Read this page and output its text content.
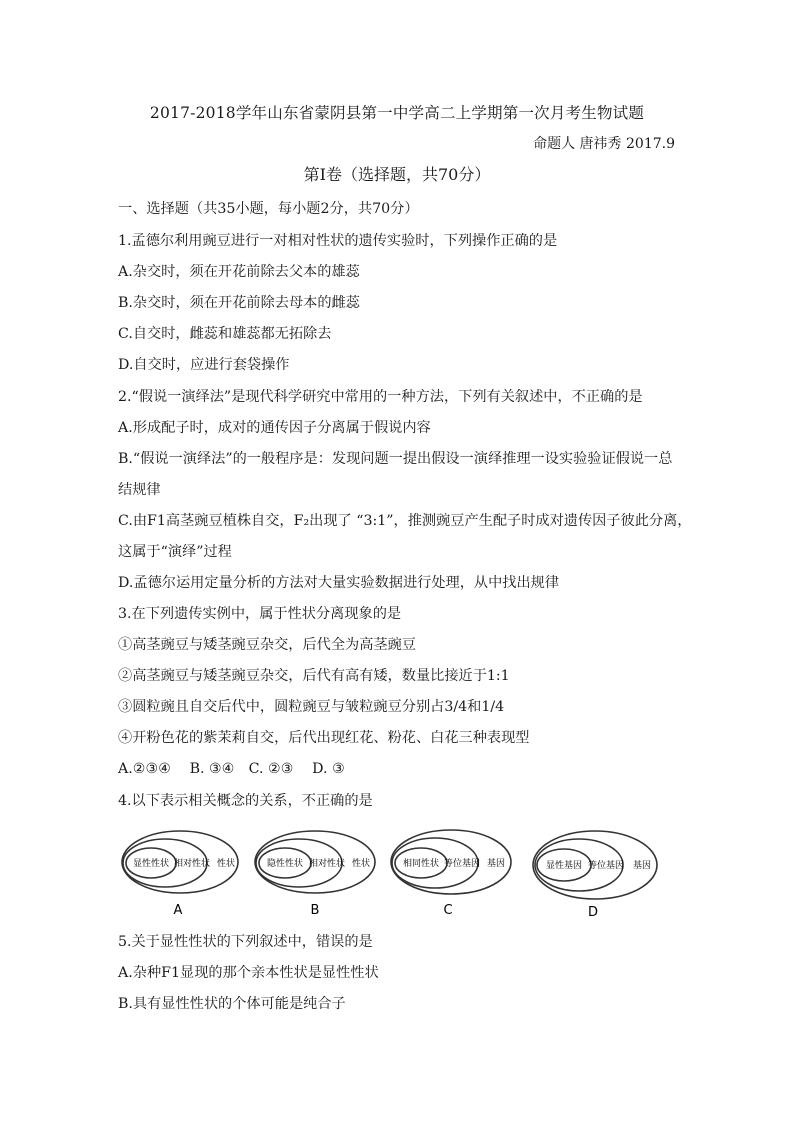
2017-2018学年山东省蒙阴县第一中学高二上学期第一次月考生物试题
命题人 唐祎秀 2017.9
第Ⅰ卷（选择题，共70分）
一、选择题（共35小题，每小题2分，共70分）
1.孟德尔利用豌豆进行一对相对性状的遗传实验时，下列操作正确的是
A.杂交时，须在开花前除去父本的雄蕊
B.杂交时，须在开花前除去母本的雌蕊
C.自交时，雌蕊和雄蕊都无拓除去
D.自交时，应进行套袋操作
2.“假说一演绎法”是现代科学研究中常用的一种方法，下列有关叙述中，不正确的是
A.形成配子时，成对的通传因子分离属于假说内容
B.“假说一演绎法”的一般程序是：发现问题一提出假设一演绎推理一设实验验证假说一总
结规律
C.由F1高茎豌豆植株自交，F₂出现了 “3:1”，推测豌豆产生配子时成对遗传因子彼此分离，
这属于“演绎”过程
D.孟德尔运用定量分析的方法对大量实验数据进行处理，从中找出规律
3.在下列遗传实例中，属于性状分离现象的是
①高茎豌豆与矮茎豌豆杂交，后代全为高茎豌豆
②高茎豌豆与矮茎豌豆杂交，后代有高有矮，数量比接近于1:1
③圆粒豌且自交后代中，圆粒豌豆与皱粒豌豆分别占3/4和1/4
④开粉色花的紫茉莉自交，后代出现红花、粉花、白花三种表现型
A.②③④　 B. ③④　C. ②③　 D. ③
4.以下表示相关概念的关系，不正确的是
显性性状 相对性状 性状
A
隐性性状 相对性状 性状
B
相同性状 等位基因 基因
C
显性基因 等位基因 基因
D
5.关于显性性状的下列叙述中，错误的是
A.杂种F1显现的那个亲本性状是显性性状
B.具有显性性状的个体可能是纯合子
